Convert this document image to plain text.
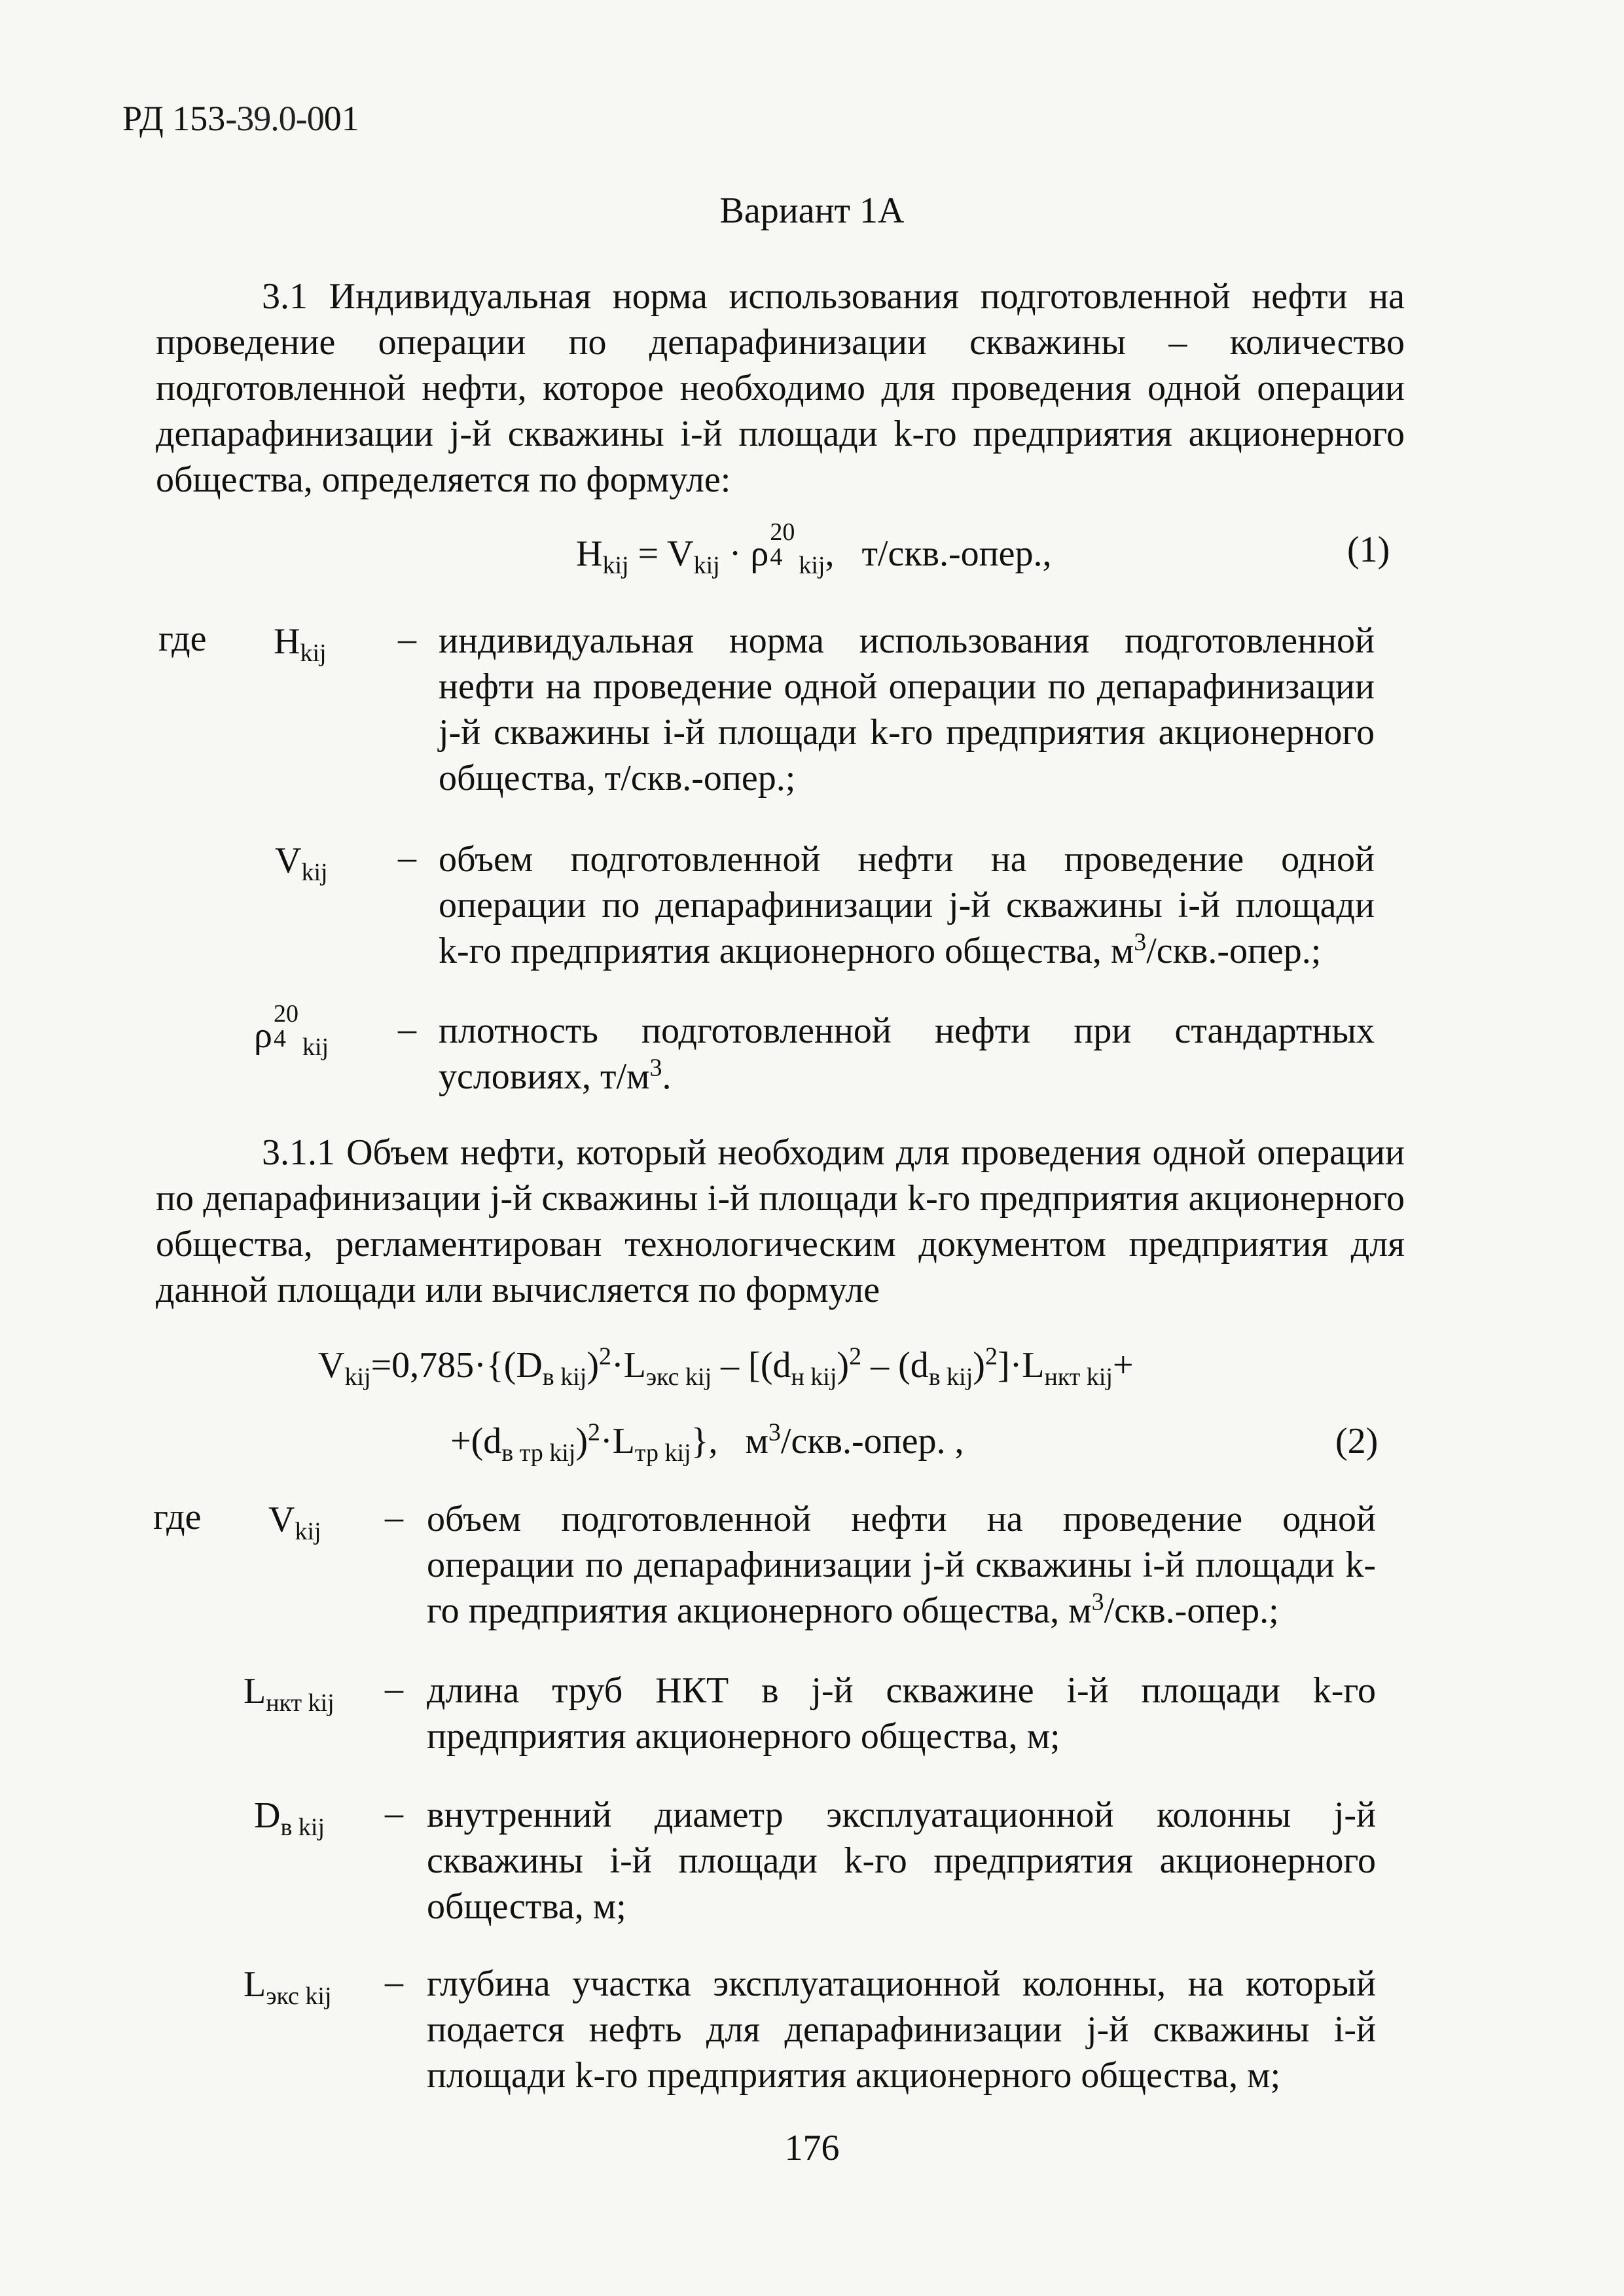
РД 153-39.0-001
Вариант 1А
3.1 Индивидуальная норма использования подготовленной нефти на проведение операции по депарафинизации скважины – количество подготовленной нефти, которое необходимо для проведения одной операции депарафинизации j-й скважины i-й площади k-го предприятия акционерного общества, определяется по формуле:
$H_{kij} = V_{kij} \cdot \rho$
20
4 $_{kij}$,   т/скв.-опер.,	(1)
где $H_{kij}$ – индивидуальная норма использования подготовленной нефти на проведение одной операции по депарафинизации j-й скважины i-й площади k-го предприятия акционерного общества, т/скв.-опер.;
$V_{kij}$ – объем подготовленной нефти на проведение одной операции по депарафинизации j-й скважины i-й площади k-го предприятия акционерного общества, $м^3/скв$.-опер.;
ρ
20
4 $_{kij}$ – плотность подготовленной нефти при стандартных условиях, $т/м^3$.
3.1.1 Объем нефти, который необходим для проведения одной операции по депарафинизации j-й скважины i-й площади k-го предприятия акционерного общества, регламентирован технологическим документом предприятия для данной площади или вычисляется по формуле
$V_{kij}=0,785\cdot\{(D_{в kij})^2\cdot L_{экс kij} - [(d_{н kij})^2 - (d_{в kij})^2]\cdot L_{нкт kij}+$
$+(d_{в тр kij})^2\cdot L_{тр kij}$},   $м^3/скв$.-опер. ,	(2)
где $V_{kij}$ – объем подготовленной нефти на проведение одной операции по депарафинизации j-й скважины i-й площади k-го предприятия акционерного общества, $м^3/скв$.-опер.;
$L_{нкт kij}$ – длина труб НКТ в j-й скважине i-й площади k-го предприятия акционерного общества, м;
$D_{в kij}$ – внутренний диаметр эксплуатационной колонны j-й скважины i-й площади k-го предприятия акционерного общества, м;
$L_{экс kij}$ – глубина участка эксплуатационной колонны, на который подается нефть для депарафинизации j-й скважины i-й площади k-го предприятия акционерного общества, м;
176
